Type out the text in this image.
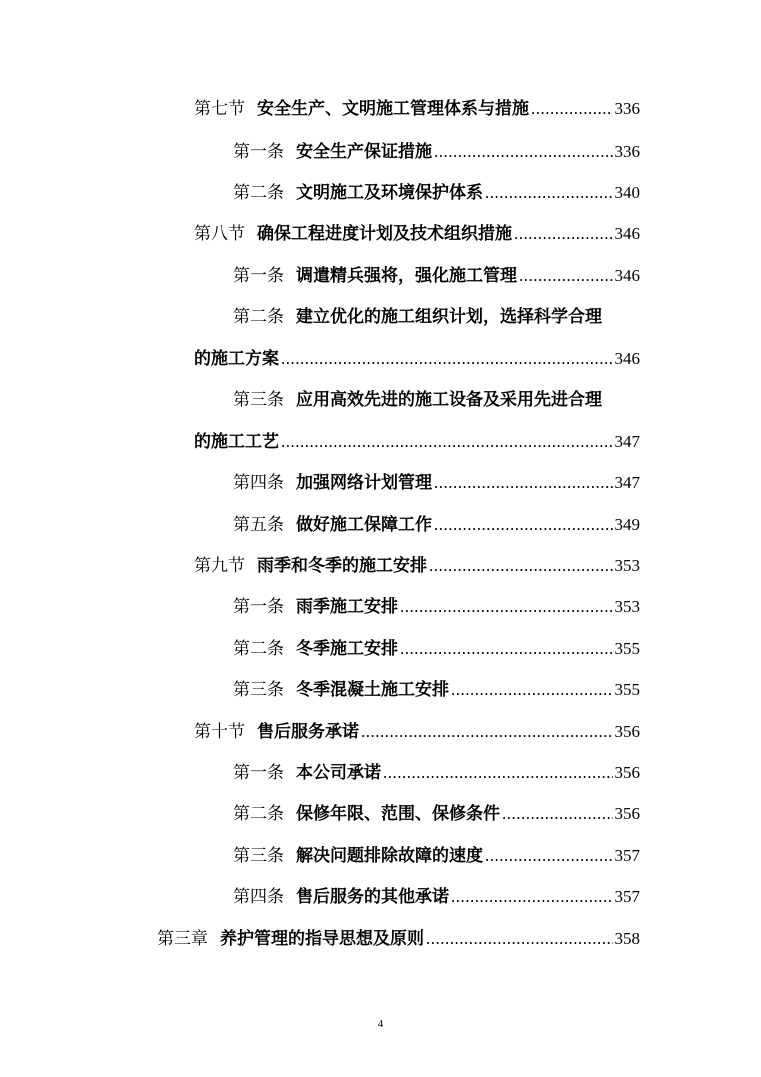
第七节 安全生产、文明施工管理体系与措施 .....	336
第一条 安全生产保证措施 .....	336
第二条 文明施工及环境保护体系 .....	340
第八节 确保工程进度计划及技术组织措施 .....	346
第一条 调遣精兵强将，强化施工管理 .....	346
第二条 建立优化的施工组织计划，选择科学合理
的施工方案 .....	346
第三条 应用高效先进的施工设备及采用先进合理
的施工工艺 .....	347
第四条 加强网络计划管理 .....	347
第五条 做好施工保障工作 .....	349
第九节 雨季和冬季的施工安排 .....	353
第一条 雨季施工安排 .....	353
第二条 冬季施工安排 .....	355
第三条 冬季混凝土施工安排 .....	355
第十节 售后服务承诺 .....	356
第一条 本公司承诺 .....	356
第二条 保修年限、范围、保修条件 .....	356
第三条 解决问题排除故障的速度 .....	357
第四条 售后服务的其他承诺 .....	357
第三章 养护管理的指导思想及原则 .....	358
4
